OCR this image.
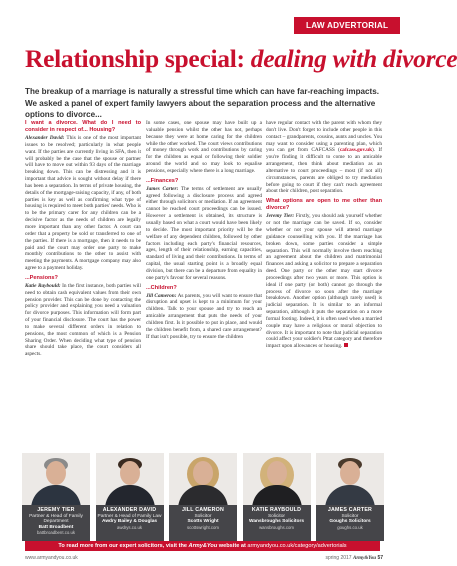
LAW ADVERTORIAL
Relationship special: dealing with divorce

The breakup of a marriage is naturally a stressful time which can have far-reaching impacts. We asked a panel of expert family lawyers about the separation process and the alternative options to divorce...

I want a divorce. What do I need to consider in respect of... Housing?

Alexander David: This is one of the most important issues to be resolved; particularly in what people want. If the parties are currently living in SFA, then it will probably be the case that the spouse or partner will have to move out within 93 days of the marriage breaking down. This can be distressing and it is important that advice is sought without delay if there has been a separation. In terms of private housing, the details of the mortgage-raising capacity, if any, of both parties is key as well as confirming what type of housing is required to meet both parties' needs. Who is to be the primary carer for any children can be a decisive factor as the needs of children are legally more important than any other factor. A court can order that a property be sold or transferred to one of the parties. If there is a mortgage, then it needs to be paid and the court may order one party to make monthly contributions to the other to assist with meeting the payments. A mortgage company may also agree to a payment holiday.

...Pensions?

Katie Raybould: In the first instance, both parties will need to obtain cash equivalent values from their own pension provider. This can be done by contacting the policy provider and explaining you need a valuation for divorce purposes. This information will form part of your financial disclosure. The court has the power to make several different orders in relation to pensions, the most common of which is a Pension Sharing Order. When deciding what type of pension share should take place, the court considers all aspects.

In some cases, one spouse may have built up a valuable pension whilst the other has not, perhaps because they were at home caring for the children while the other worked. The court views contributions of money through work and contributions by caring for the children as equal or following their soldier around the world and so may look to equalise pensions, especially where there is a long marriage.

...Finances?

James Carter: The terms of settlement are usually agreed following a disclosure process and agreed either through solicitors or mediation. If an agreement cannot be reached court proceedings can be issued. However a settlement is obtained, its structure is usually based on what a court would have been likely to decide. The most important priority will be the welfare of any dependent children, followed by other factors including each party's financial resources, ages, length of their relationship, earning capacities, standard of living and their contributions. In terms of capital, the usual starting point is a broadly equal division, but there can be a departure from equality in one party's favour for several reasons.

...Children?

Jill Cameron: As parents, you will want to ensure that disruption and upset is kept to a minimum for your children. Talk to your spouse and try to reach an amicable arrangement that puts the needs of your children first. Is it possible to put in place, and would the children benefit from, a shared care arrangement? If that isn't possible, try to ensure the children

have regular contact with the parent with whom they don't live. Don't forget to include other people in this contact – grandparents, cousins, aunts and uncles. You may want to consider using a parenting plan, which you can get from CAFCASS (cafcass.gov.uk). If you're finding it difficult to come to an amicable arrangement, then think about mediation as an alternative to court proceedings – most (if not all) circumstances, parents are obliged to try mediation before going to court if they can't reach agreement about their children, post separation.

What options are open to me other than divorce?

Jeremy Tier: Firstly, you should ask yourself whether or not the marriage can be saved. If so, consider whether or not your spouse will attend marriage guidance counselling with you. If the marriage has broken down, some parties consider a simple separation. This will normally involve them reaching an agreement about the children and matrimonial finances and asking a solicitor to prepare a separation deed. One party or the other may start divorce proceedings after two years or more. This option is ideal if one party (or both) cannot go through the process of divorce so soon after the marriage breakdown. Another option (although rarely used) is judicial separation. It is similar to an informal separation, although it puts the separation on a more formal footing. Indeed, it is often used when a married couple may have a religious or moral objection to divorce. It is important to note that judicial separation could affect your soldier's Pttat category and therefore impact upon allowances or housing.

JEREMY TIER
Partner & Head of Family Department
Batt Broadbent
battbroadbent.co.uk
ALEXANDER DAVID
Partner & Head of Family Law
Awdry Bailey & Douglas
awdrys.co.uk
JILL CAMERON
Solicitor
Scotts Wright
scottswright.com
KATIE RAYBOULD
Solicitor
Wansbroughs Solicitors
wansbroughs.com
JAMES CARTER
Solicitor
Goughs Solicitors
goughs.co.uk
To read more from our expert solicitors, visit the Army&You website at armyandyou.co.uk/category/advertorials
www.armyandyou.co.uk	spring 2017 Army&You 57
